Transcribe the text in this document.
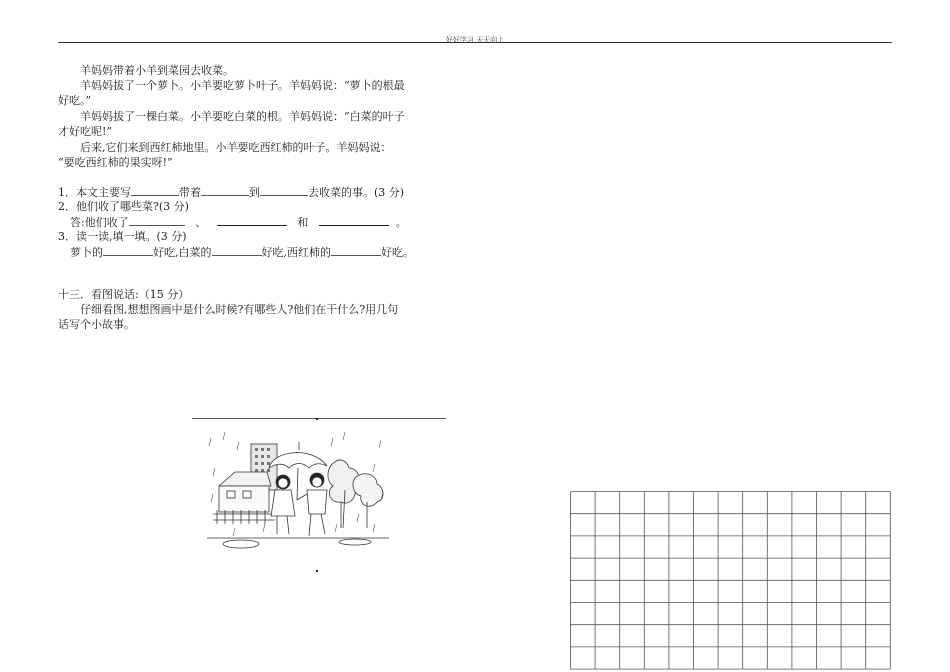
好好学习 天天向上
羊妈妈带着小羊到菜园去收菜。
羊妈妈拔了一个萝卜。小羊要吃萝卜叶子。羊妈妈说：“萝卜的根最
好吃。”
羊妈妈拔了一棵白菜。小羊要吃白菜的根。羊妈妈说：“白菜的叶子
才好吃呢!”
后来,它们来到西红柿地里。小羊要吃西红柿的叶子。羊妈妈说：
“要吃西红柿的果实呀!”
1．本文主要写	带着	到	去收菜的事。(3 分)
2．他们收了哪些菜?(3 分)
答:他们收了	、	和	。
3．读一读,填一填。(3 分)
萝卜的	好吃,白菜的	好吃,西红柿的	好吃。
十三．看图说话:（15 分）
仔细看图,想想图画中是什么时候?有哪些人?他们在干什么?用几句
话写个小故事。
